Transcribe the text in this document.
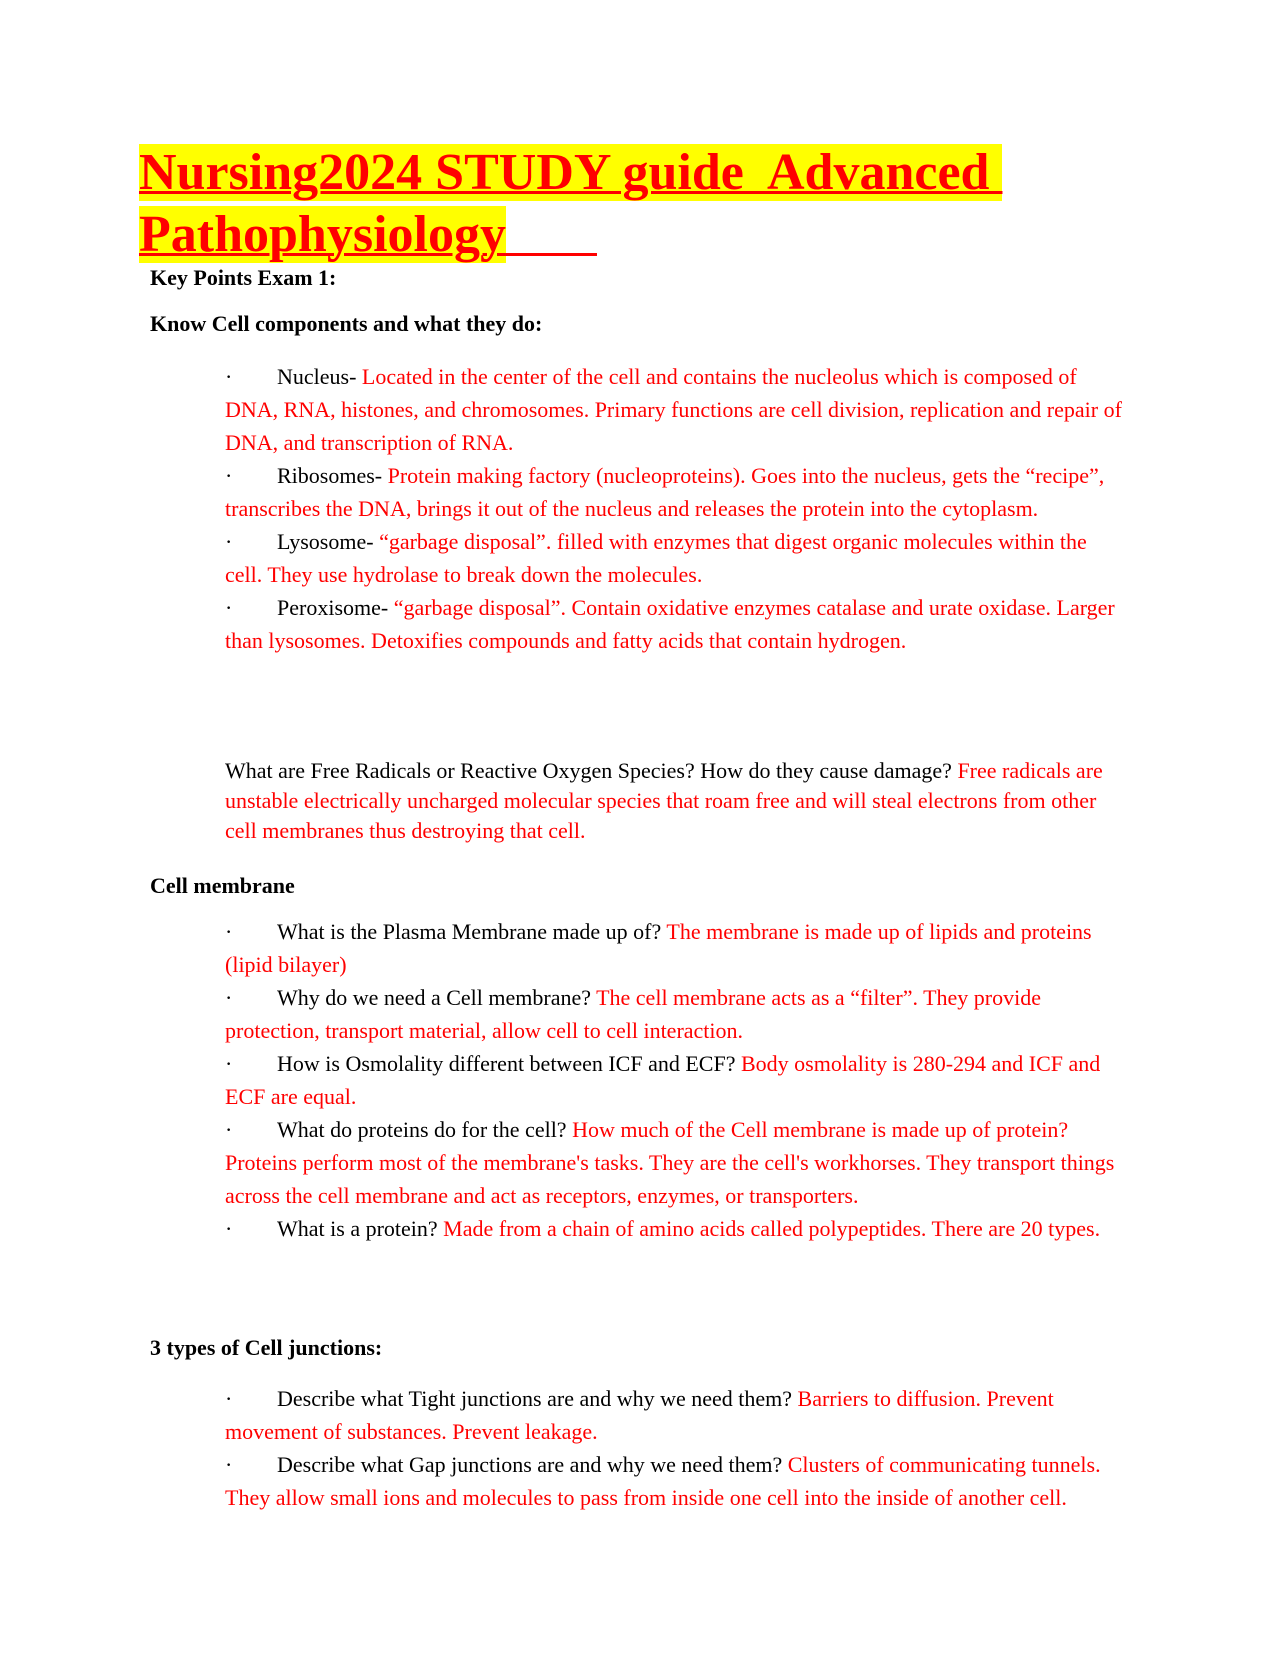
Nursing2024 STUDY guide  Advanced
Pathophysiology
Key Points Exam 1:
Know Cell components and what they do:
· Nucleus- Located in the center of the cell and contains the nucleolus which is composed of DNA, RNA, histones, and chromosomes. Primary functions are cell division, replication and repair of DNA, and transcription of RNA.
· Ribosomes- Protein making factory (nucleoproteins). Goes into the nucleus, gets the “recipe”, transcribes the DNA, brings it out of the nucleus and releases the protein into the cytoplasm.
· Lysosome- “garbage disposal”. filled with enzymes that digest organic molecules within the cell. They use hydrolase to break down the molecules.
· Peroxisome- “garbage disposal”. Contain oxidative enzymes catalase and urate oxidase. Larger than lysosomes. Detoxifies compounds and fatty acids that contain hydrogen.
What are Free Radicals or Reactive Oxygen Species? How do they cause damage? Free radicals are unstable electrically uncharged molecular species that roam free and will steal electrons from other cell membranes thus destroying that cell.
Cell membrane
· What is the Plasma Membrane made up of? The membrane is made up of lipids and proteins (lipid bilayer)
· Why do we need a Cell membrane? The cell membrane acts as a “filter”. They provide protection, transport material, allow cell to cell interaction.
· How is Osmolality different between ICF and ECF? Body osmolality is 280-294 and ICF and ECF are equal.
· What do proteins do for the cell? How much of the Cell membrane is made up of protein? Proteins perform most of the membrane's tasks. They are the cell's workhorses. They transport things across the cell membrane and act as receptors, enzymes, or transporters.
· What is a protein? Made from a chain of amino acids called polypeptides. There are 20 types.
3 types of Cell junctions:
· Describe what Tight junctions are and why we need them? Barriers to diffusion. Prevent movement of substances. Prevent leakage.
· Describe what Gap junctions are and why we need them? Clusters of communicating tunnels. They allow small ions and molecules to pass from inside one cell into the inside of another cell.
